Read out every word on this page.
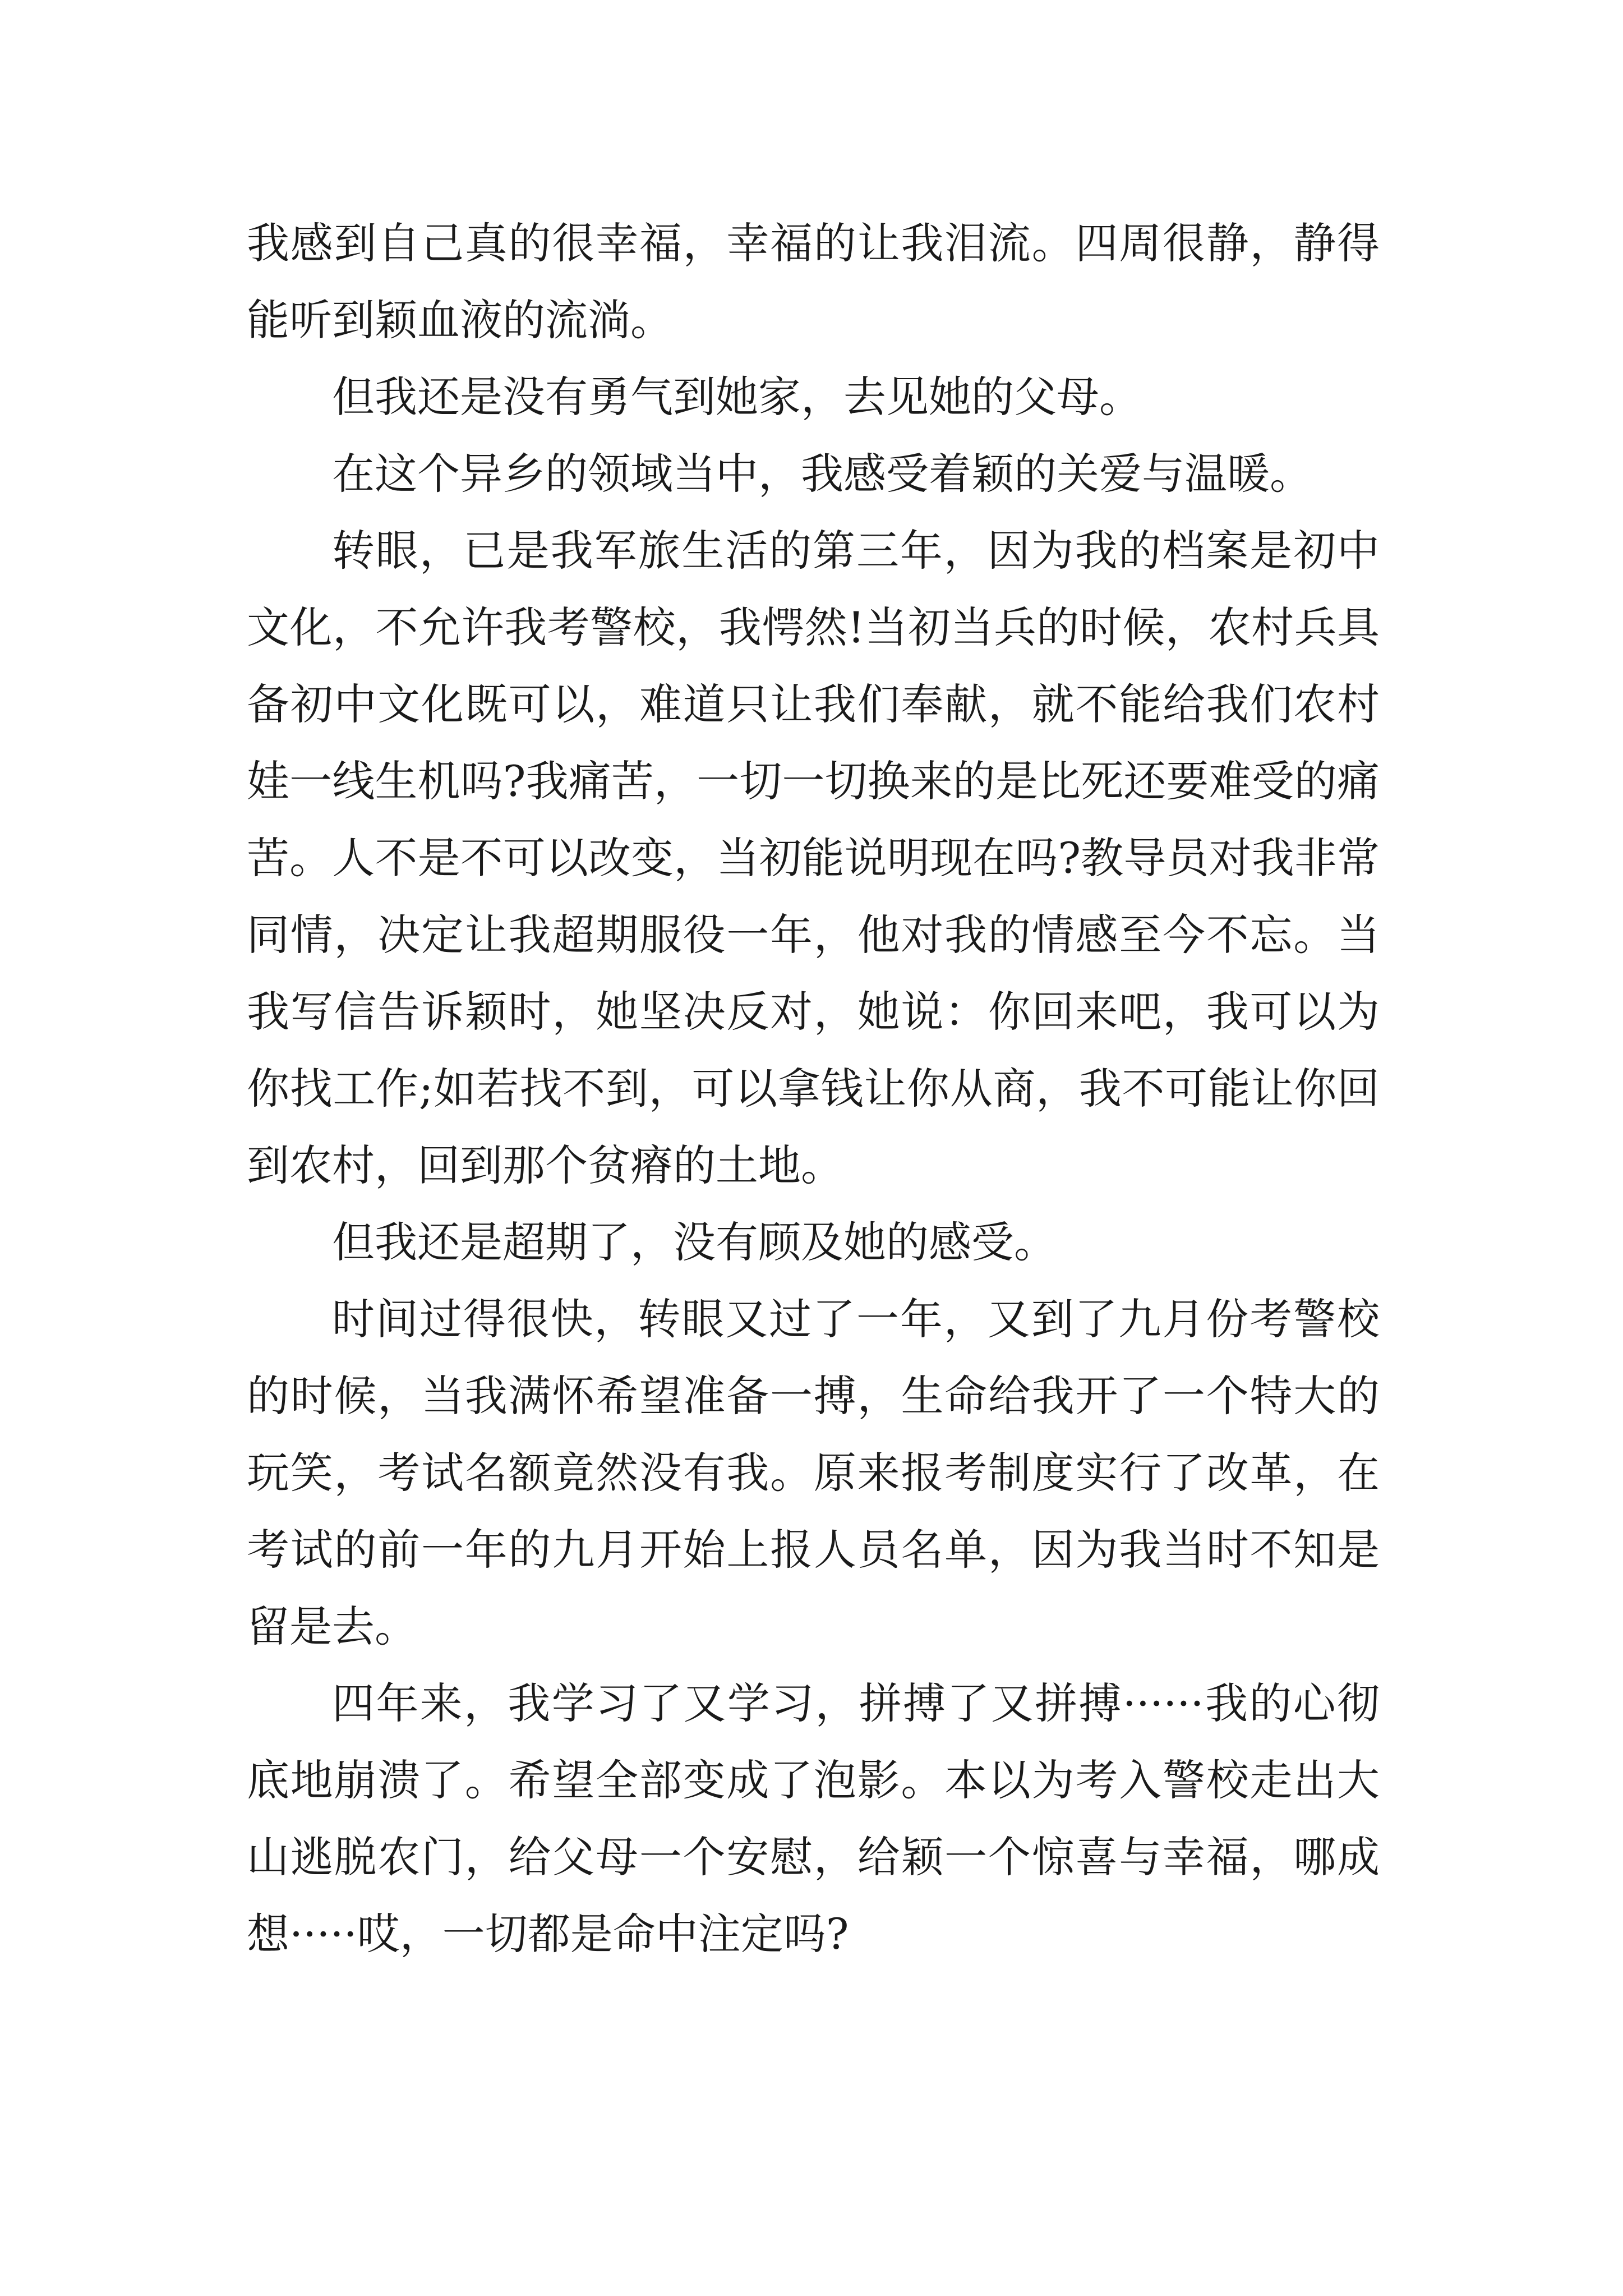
我感到自己真的很幸福，幸福的让我泪流。四周很静，静得能听到颖血液的流淌。

但我还是没有勇气到她家，去见她的父母。

在这个异乡的领域当中，我感受着颖的关爱与温暖。

转眼，已是我军旅生活的第三年，因为我的档案是初中文化，不允许我考警校，我愕然!当初当兵的时候，农村兵具备初中文化既可以，难道只让我们奉献，就不能给我们农村娃一线生机吗?我痛苦，一切一切换来的是比死还要难受的痛苦。人不是不可以改变，当初能说明现在吗?教导员对我非常同情，决定让我超期服役一年，他对我的情感至今不忘。当我写信告诉颖时，她坚决反对，她说：你回来吧，我可以为你找工作;如若找不到，可以拿钱让你从商，我不可能让你回到农村，回到那个贫瘠的土地。

但我还是超期了，没有顾及她的感受。

时间过得很快，转眼又过了一年，又到了九月份考警校的时候，当我满怀希望准备一搏，生命给我开了一个特大的玩笑，考试名额竟然没有我。原来报考制度实行了改革，在考试的前一年的九月开始上报人员名单，因为我当时不知是留是去。

四年来，我学习了又学习，拼搏了又拼搏······我的心彻底地崩溃了。希望全部变成了泡影。本以为考入警校走出大山逃脱农门，给父母一个安慰，给颖一个惊喜与幸福，哪成想·····哎，一切都是命中注定吗?
